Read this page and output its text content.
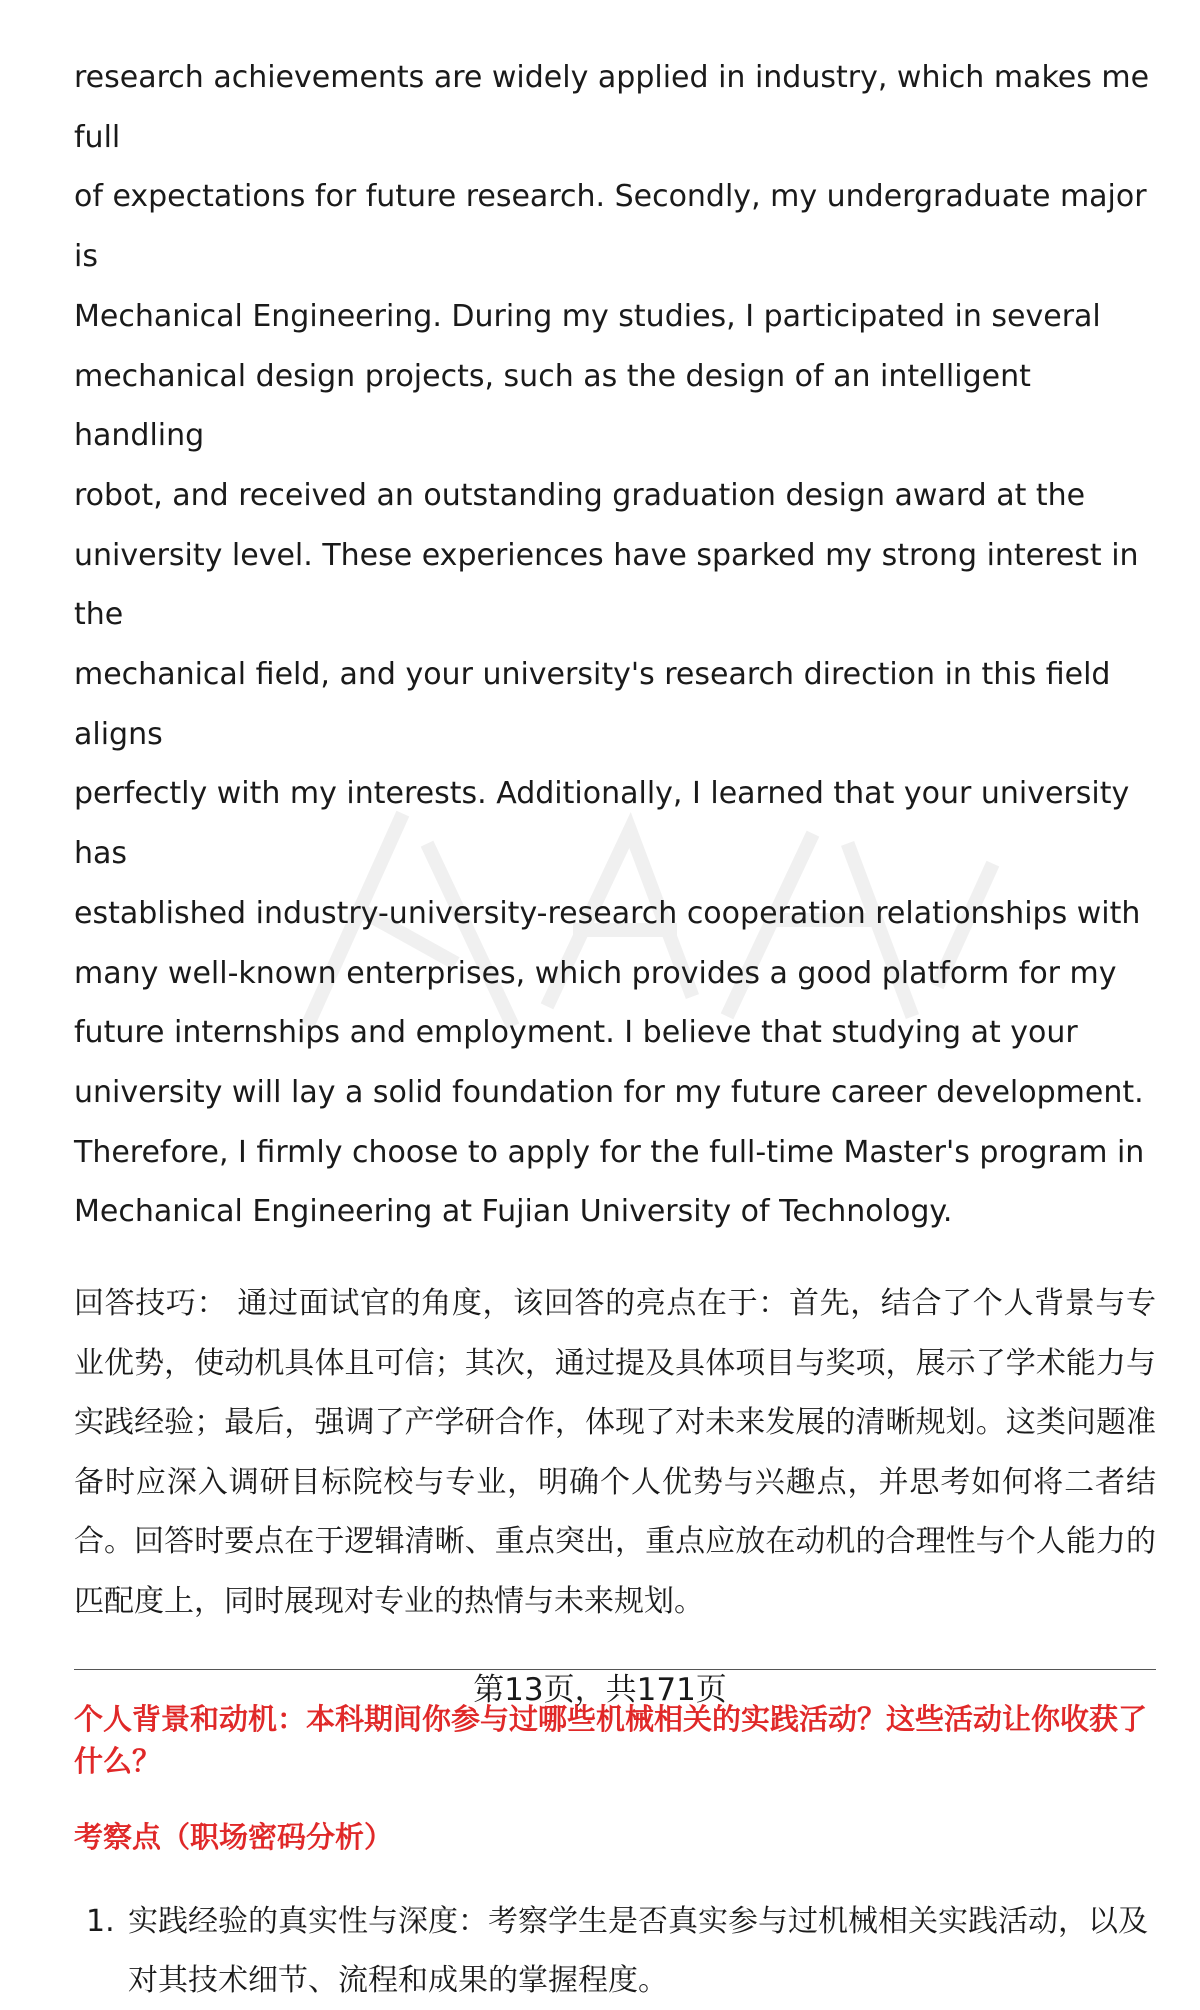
research achievements are widely applied in industry, which makes me full
of expectations for future research. Secondly, my undergraduate major is
Mechanical Engineering. During my studies, I participated in several
mechanical design projects, such as the design of an intelligent handling
robot, and received an outstanding graduation design award at the
university level. These experiences have sparked my strong interest in the
mechanical field, and your university's research direction in this field aligns
perfectly with my interests. Additionally, I learned that your university has
established industry-university-research cooperation relationships with
many well-known enterprises, which provides a good platform for my
future internships and employment. I believe that studying at your
university will lay a solid foundation for my future career development.
Therefore, I firmly choose to apply for the full-time Master's program in
Mechanical Engineering at Fujian University of Technology.

回答技巧： 通过面试官的角度，该回答的亮点在于：首先，结合了个人背景与专业优势，使动机具体且可信；其次，通过提及具体项目与奖项，展示了学术能力与实践经验；最后，强调了产学研合作，体现了对未来发展的清晰规划。这类问题准备时应深入调研目标院校与专业，明确个人优势与兴趣点，并思考如何将二者结合。回答时要点在于逻辑清晰、重点突出，重点应放在动机的合理性与个人能力的匹配度上，同时展现对专业的热情与未来规划。

个人背景和动机：本科期间你参与过哪些机械相关的实践活动？这些活动让你收获了什么？
考察点（职场密码分析）
1. 实践经验的真实性与深度：考察学生是否真实参与过机械相关实践活动，以及对其技术细节、流程和成果的掌握程度。
第13页，共171页
